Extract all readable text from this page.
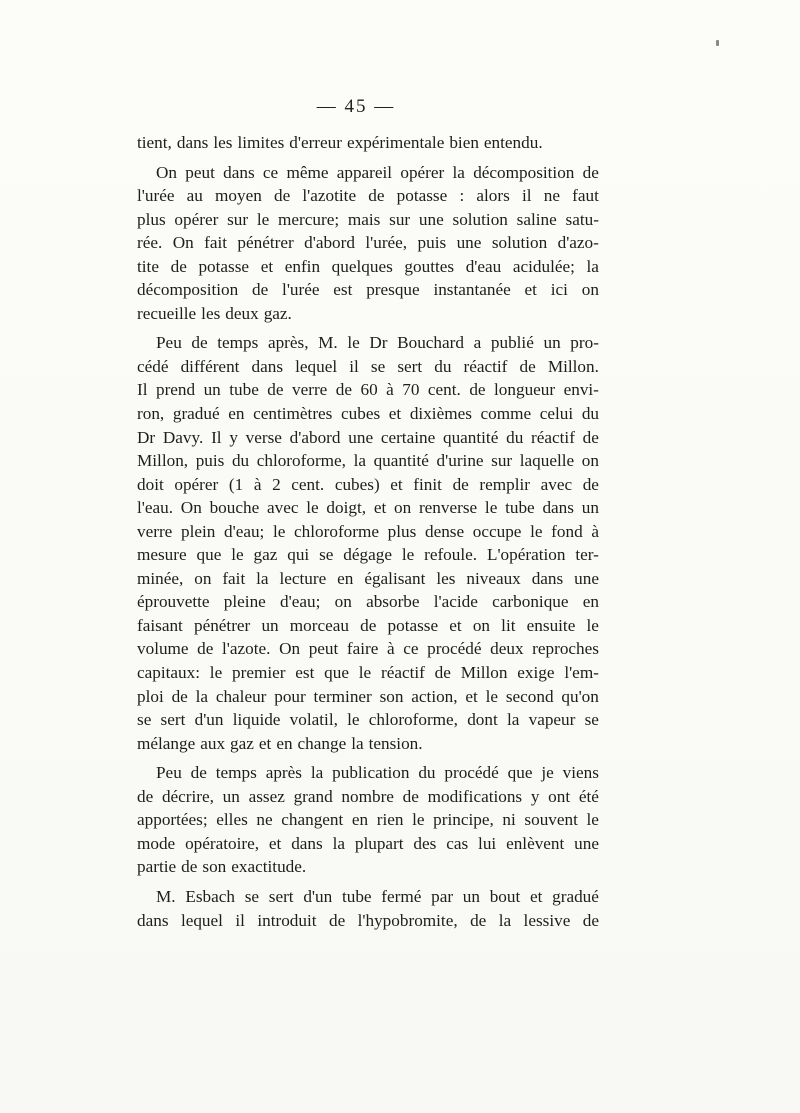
— 45 —
tient, dans les limites d'erreur expérimentale bien entendu.
On peut dans ce même appareil opérer la décomposition de
l'urée au moyen de l'azotite de potasse : alors il ne faut
plus opérer sur le mercure; mais sur une solution saline satu-
rée. On fait pénétrer d'abord l'urée, puis une solution d'azo-
tite de potasse et enfin quelques gouttes d'eau acidulée; la
décomposition de l'urée est presque instantanée et ici on
recueille les deux gaz.
Peu de temps après, M. le Dr Bouchard a publié un pro-
cédé différent dans lequel il se sert du réactif de Millon.
Il prend un tube de verre de 60 à 70 cent. de longueur envi-
ron, gradué en centimètres cubes et dixièmes comme celui du
Dr Davy. Il y verse d'abord une certaine quantité du réactif de
Millon, puis du chloroforme, la quantité d'urine sur laquelle on
doit opérer (1 à 2 cent. cubes) et finit de remplir avec de
l'eau. On bouche avec le doigt, et on renverse le tube dans un
verre plein d'eau; le chloroforme plus dense occupe le fond à
mesure que le gaz qui se dégage le refoule. L'opération ter-
minée, on fait la lecture en égalisant les niveaux dans une
éprouvette pleine d'eau; on absorbe l'acide carbonique en
faisant pénétrer un morceau de potasse et on lit ensuite le
volume de l'azote. On peut faire à ce procédé deux reproches
capitaux: le premier est que le réactif de Millon exige l'em-
ploi de la chaleur pour terminer son action, et le second qu'on
se sert d'un liquide volatil, le chloroforme, dont la vapeur se
mélange aux gaz et en change la tension.
Peu de temps après la publication du procédé que je viens
de décrire, un assez grand nombre de modifications y ont été
apportées; elles ne changent en rien le principe, ni souvent le
mode opératoire, et dans la plupart des cas lui enlèvent une
partie de son exactitude.
M. Esbach se sert d'un tube fermé par un bout et gradué
dans lequel il introduit de l'hypobromite, de la lessive de
